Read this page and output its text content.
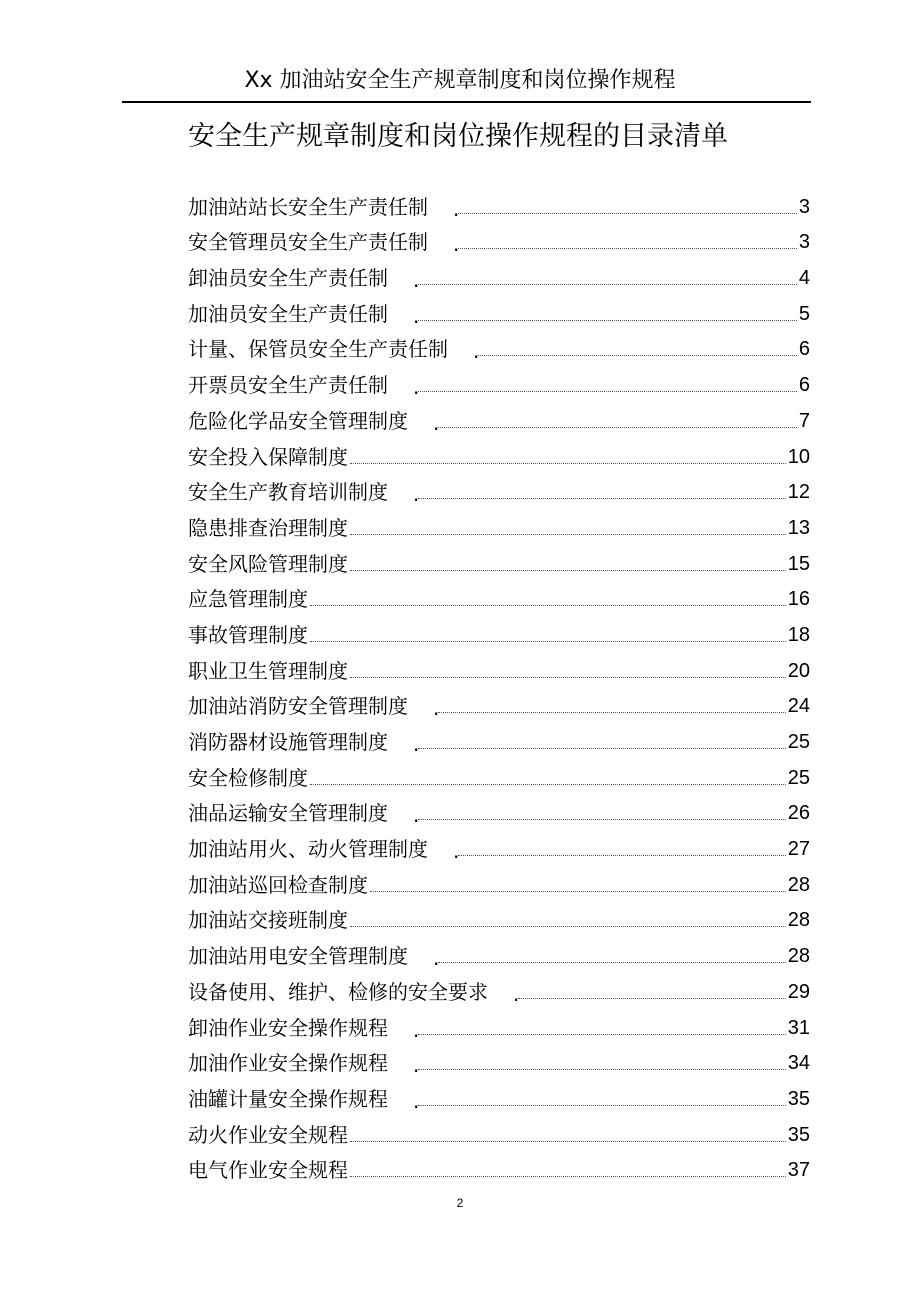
Xx 加油站安全生产规章制度和岗位操作规程
安全生产规章制度和岗位操作规程的目录清单
加油站站长安全生产责任制 .	3
安全管理员安全生产责任制 .	3
卸油员安全生产责任制 .	4
加油员安全生产责任制 .	5
计量、保管员安全生产责任制 .	6
开票员安全生产责任制 .	6
危险化学品安全管理制度 .	7
安全投入保障制度	10
安全生产教育培训制度 .	12
隐患排查治理制度	13
安全风险管理制度	15
应急管理制度	16
事故管理制度	18
职业卫生管理制度	20
加油站消防安全管理制度 .	24
消防器材设施管理制度 .	25
安全检修制度	25
油品运输安全管理制度 .	26
加油站用火、动火管理制度 .	27
加油站巡回检查制度	28
加油站交接班制度	28
加油站用电安全管理制度 .	28
设备使用、维护、检修的安全要求 .	29
卸油作业安全操作规程 .	31
加油作业安全操作规程 .	34
油罐计量安全操作规程 .	35
动火作业安全规程	35
电气作业安全规程	37
2
